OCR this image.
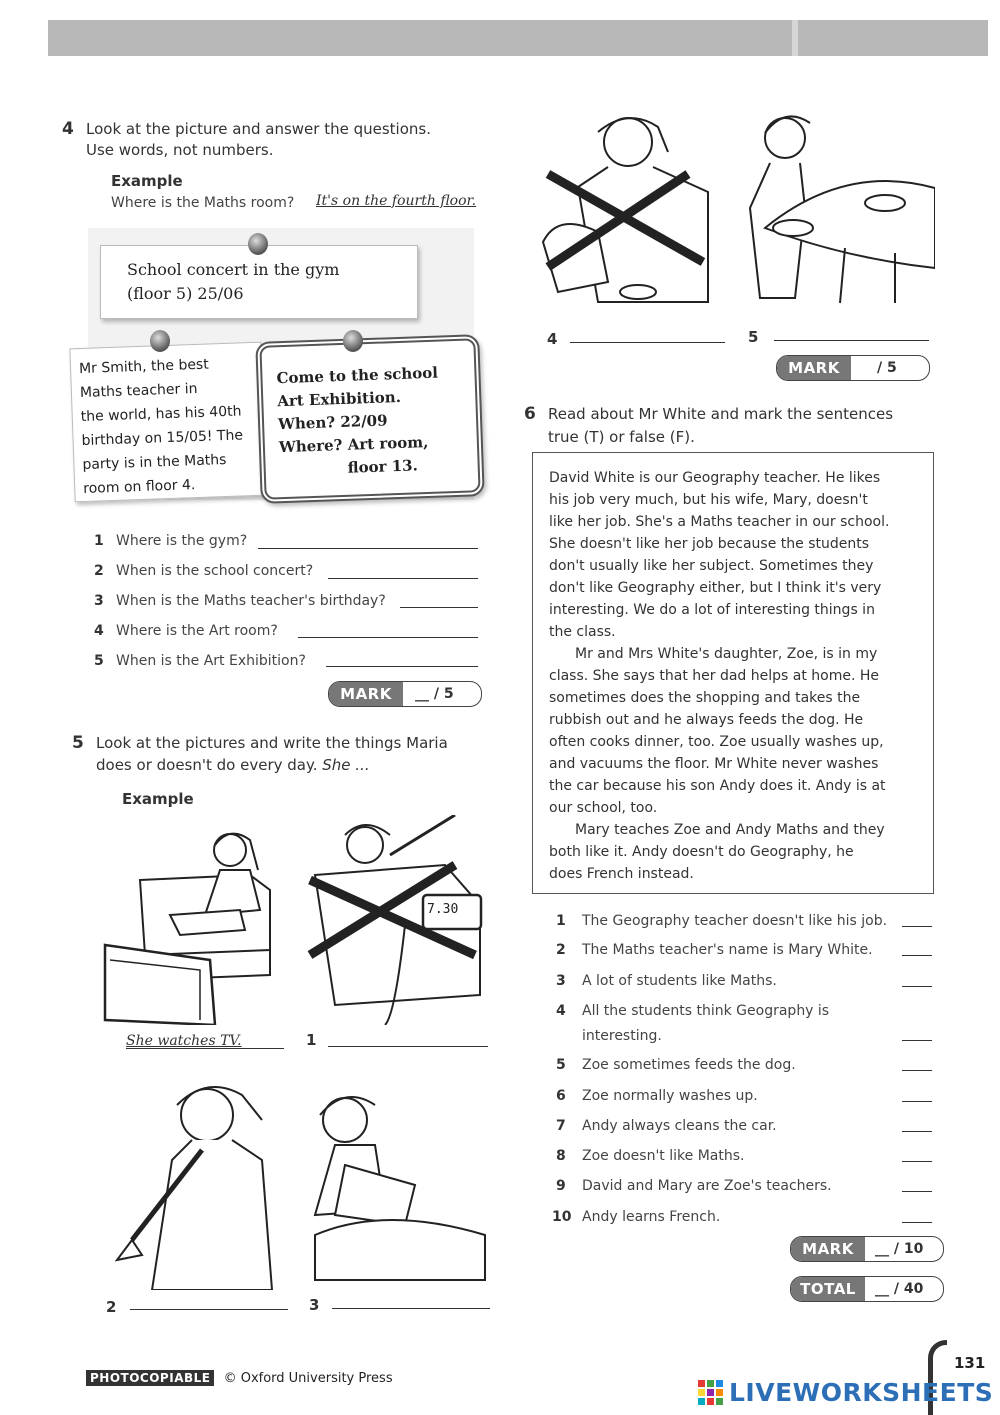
4 Look at the picture and answer the questions.
Use words, not numbers.
Example
Where is the Maths room? It's on the fourth floor.
School concert in the gym
(floor 5) 25/06
Mr Smith, the best
Maths teacher in
the world, has his 40th
birthday on 15/05! The
party is in the Maths
room on floor 4.
Come to the school
Art Exhibition.
When? 22/09
Where? Art room,
floor 13.
1 Where is the gym?
2 When is the school concert?
3 When is the Maths teacher's birthday?
4 Where is the Art room?
5 When is the Art Exhibition?
MARK	__ / 5
5 Look at the pictures and write the things Maria
does or doesn't do every day. She ...
Example
She watches TV.
7.30
1
2	3
4	5
MARK	/ 5
6 Read about Mr White and mark the sentences
true (T) or false (F).

David White is our Geography teacher. He likes

his job very much, but his wife, Mary, doesn't

like her job. She's a Maths teacher in our school.

She doesn't like her job because the students

don't usually like her subject. Sometimes they

don't like Geography either, but I think it's very

interesting. We do a lot of interesting things in

the class.

Mr and Mrs White's daughter, Zoe, is in my

class. She says that her dad helps at home. He

sometimes does the shopping and takes the

rubbish out and he always feeds the dog. He

often cooks dinner, too. Zoe usually washes up,

and vacuums the floor. Mr White never washes

the car because his son Andy does it. Andy is at

our school, too.

Mary teaches Zoe and Andy Maths and they

both like it. Andy doesn't do Geography, he

does French instead.

1 The Geography teacher doesn't like his job.
2 The Maths teacher's name is Mary White.
3 A lot of students like Maths.
4 All the students think Geography is
interesting.
5 Zoe sometimes feeds the dog.
6 Zoe normally washes up.
7 Andy always cleans the car.
8 Zoe doesn't like Maths.
9 David and Mary are Zoe's teachers.
10 Andy learns French.
MARK	__ / 10
TOTAL	__ / 40
PHOTOCOPIABLE © Oxford University Press
131
LIVEWORKSHEETS
